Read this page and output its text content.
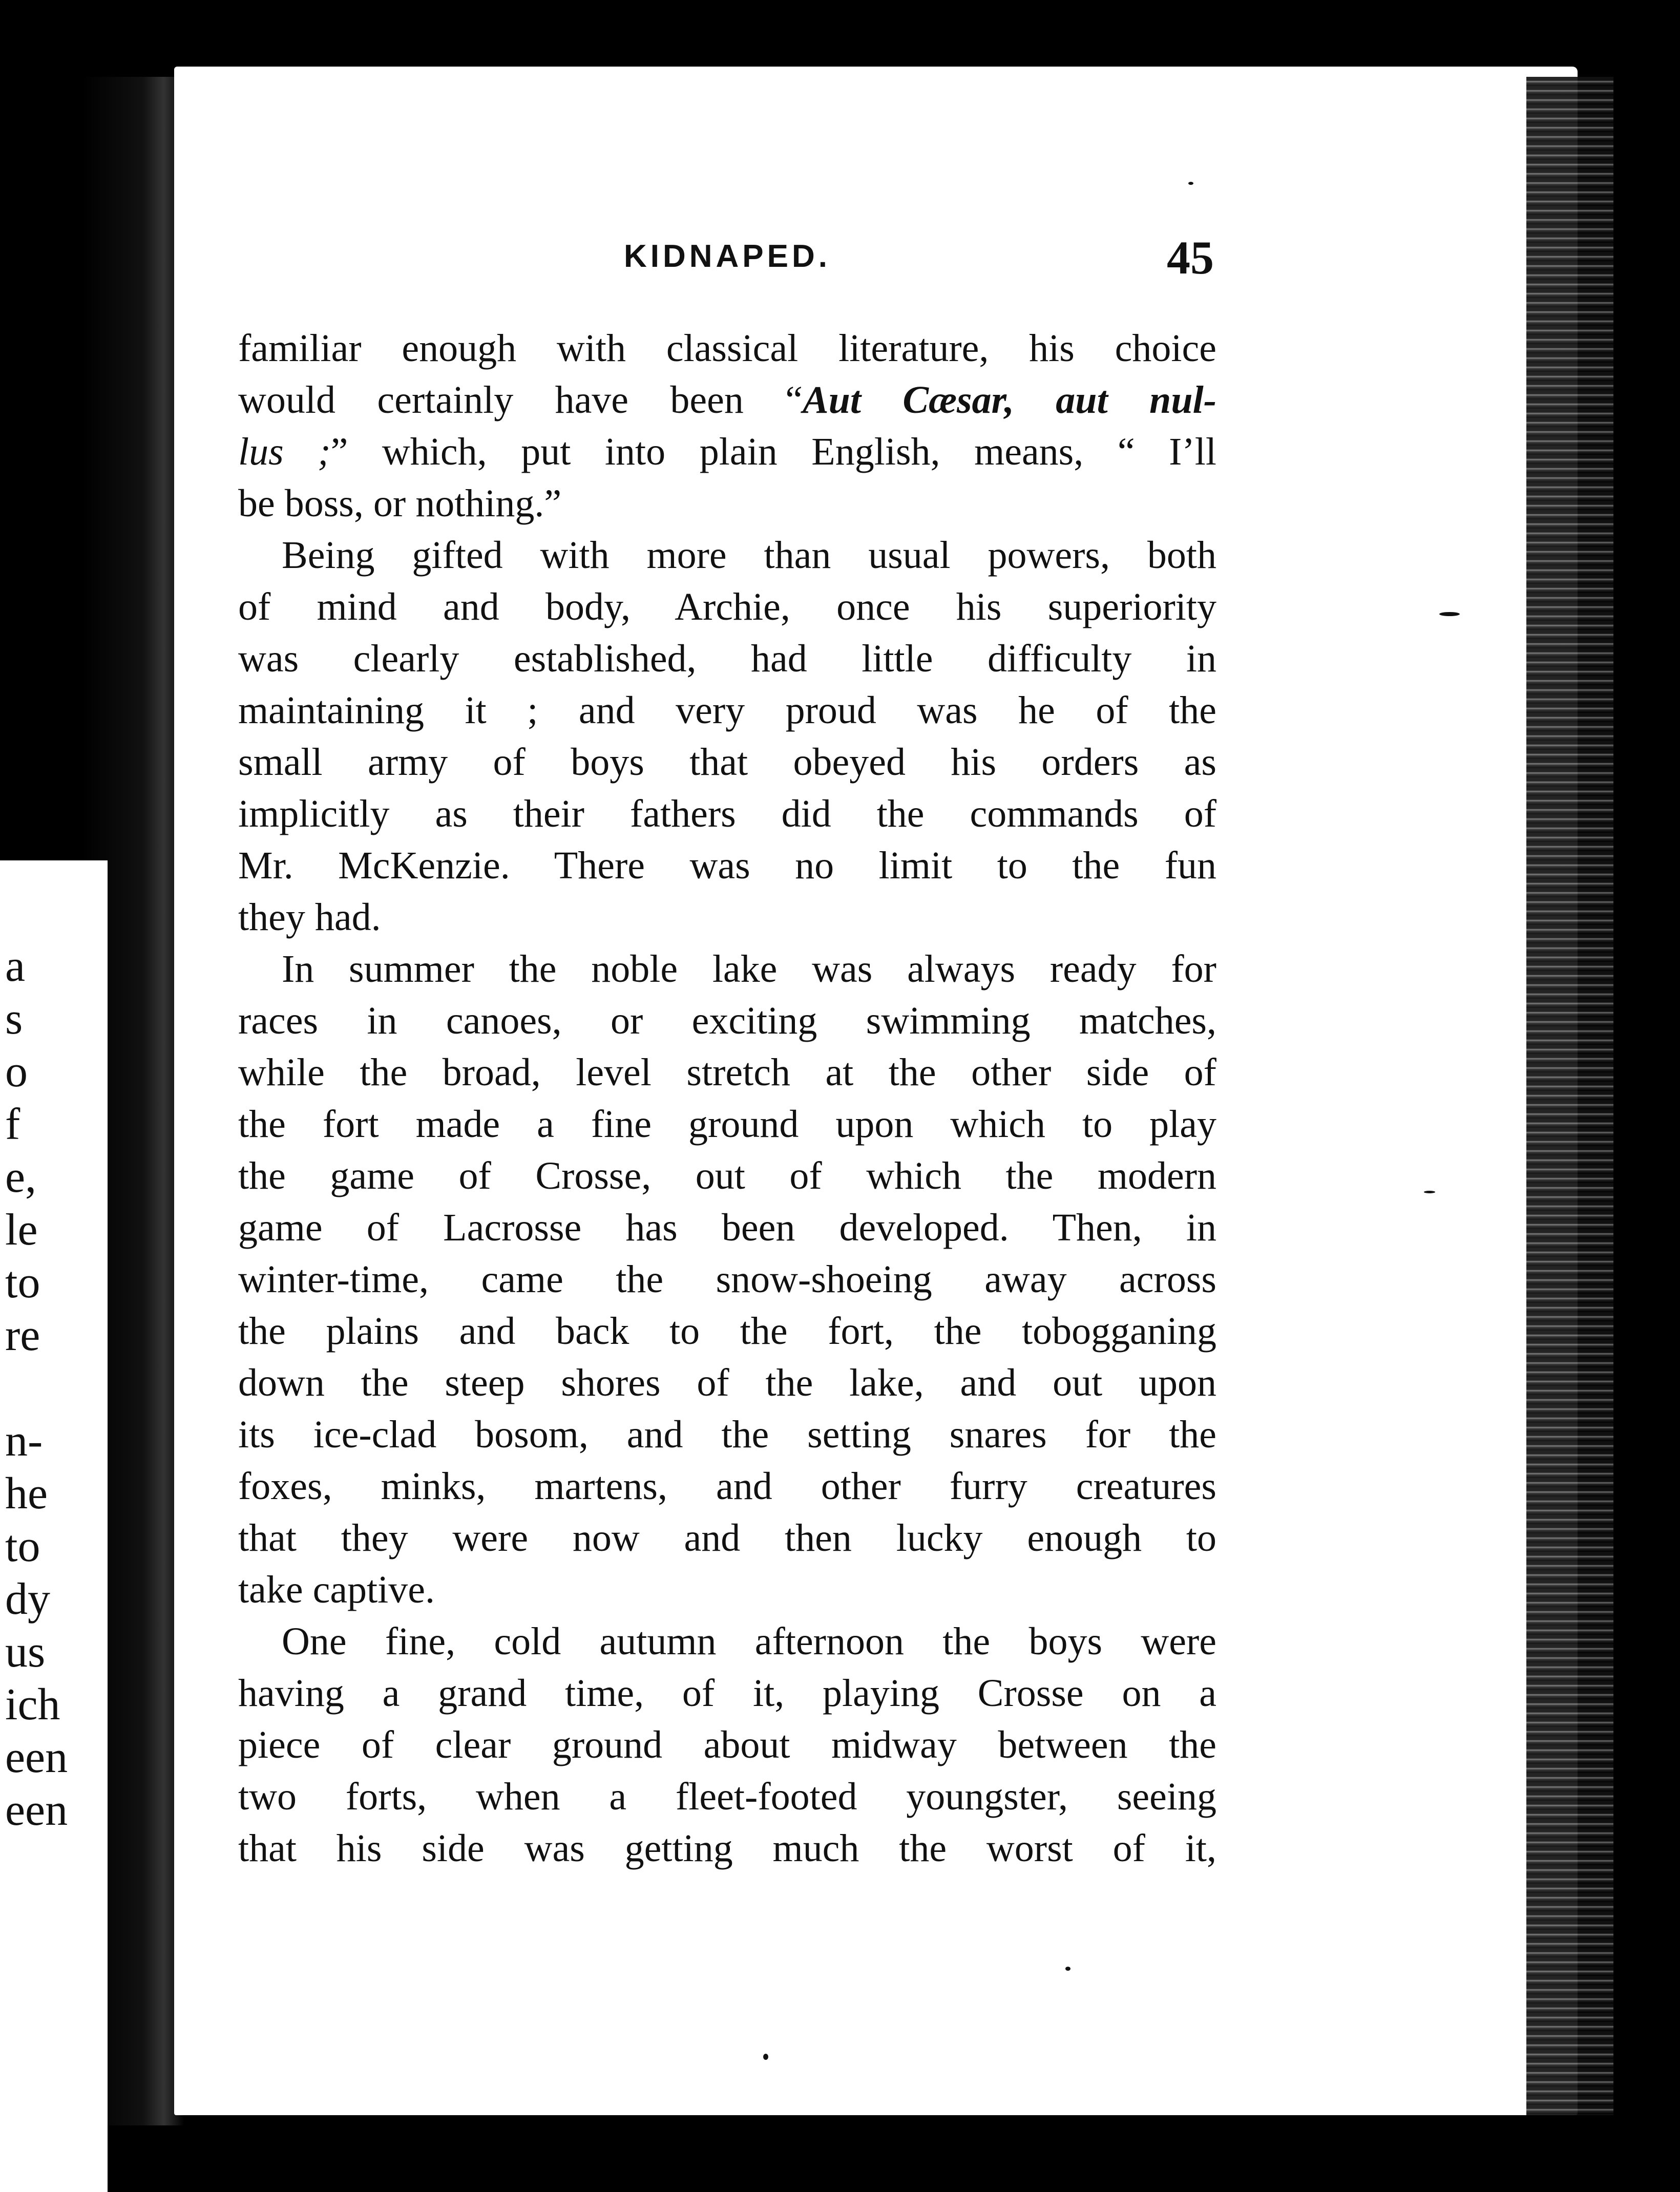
a
s
o
f
e,
le
to
re

n-
he
to
dy
us
ich
een
een
KIDNAPED.	45
familiar enough with classical literature, his choice
would certainly have been “Aut Cæsar, aut nul-
lus ;” which, put into plain English, means, “ I’ll
be boss, or nothing.”
Being gifted with more than usual powers, both
of mind and body, Archie, once his superiority
was clearly established, had little difficulty in
maintaining it ; and very proud was he of the
small army of boys that obeyed his orders as
implicitly as their fathers did the commands of
Mr. McKenzie. There was no limit to the fun
they had.
In summer the noble lake was always ready for
races in canoes, or exciting swimming matches,
while the broad, level stretch at the other side of
the fort made a fine ground upon which to play
the game of Crosse, out of which the modern
game of Lacrosse has been developed. Then, in
winter-time, came the snow-shoeing away across
the plains and back to the fort, the tobogganing
down the steep shores of the lake, and out upon
its ice-clad bosom, and the setting snares for the
foxes, minks, martens, and other furry creatures
that they were now and then lucky enough to
take captive.
One fine, cold autumn afternoon the boys were
having a grand time, of it, playing Crosse on a
piece of clear ground about midway between the
two forts, when a fleet-footed youngster, seeing
that his side was getting much the worst of it,
